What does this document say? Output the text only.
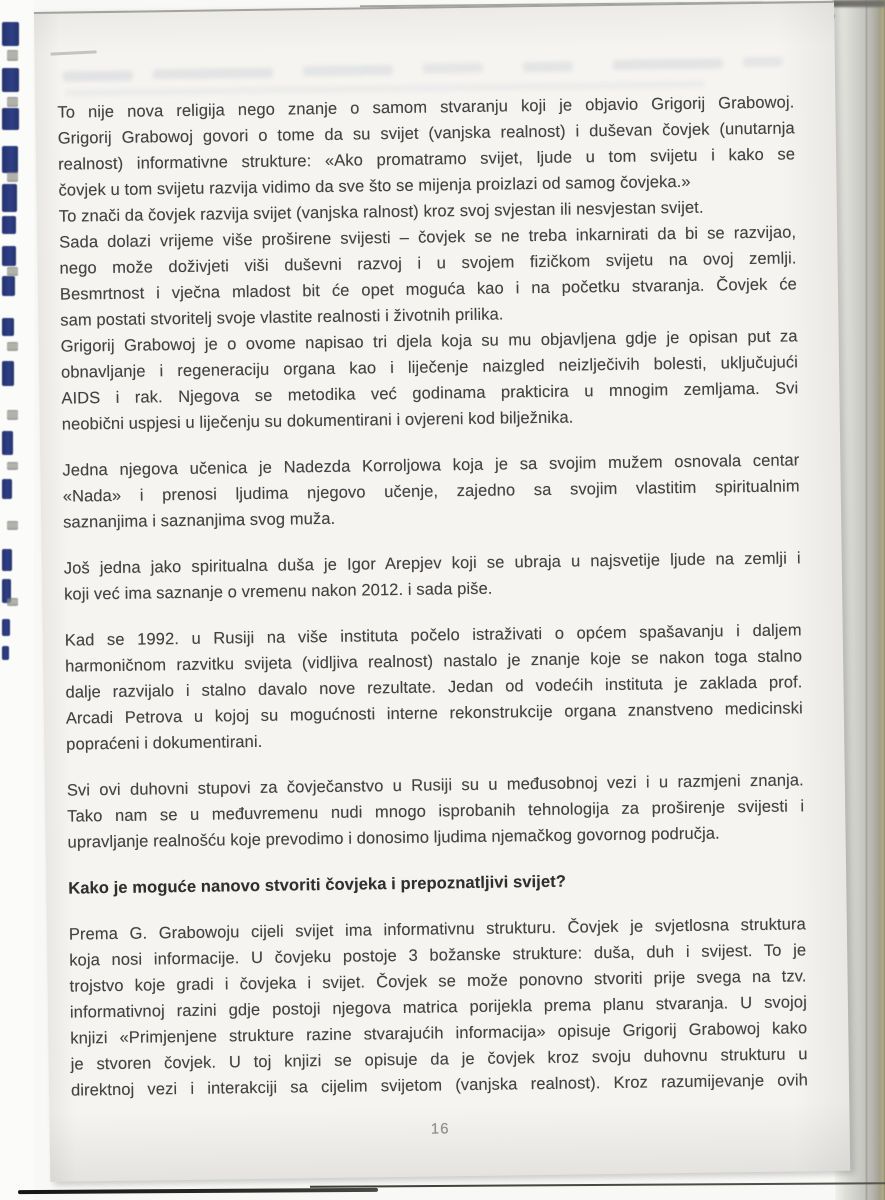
To nije nova religija nego znanje o samom stvaranju koji je objavio Grigorij Grabowoj.
Grigorij Grabowoj govori o tome da su svijet (vanjska realnost) i duševan čovjek (unutarnja
realnost) informativne strukture: «Ako promatramo svijet, ljude u tom svijetu i kako se
čovjek u tom svijetu razvija vidimo da sve što se mijenja proizlazi od samog čovjeka.»
To znači da čovjek razvija svijet (vanjska ralnost) kroz svoj svjestan ili nesvjestan svijet.
Sada dolazi vrijeme više proširene svijesti – čovjek se ne treba inkarnirati da bi se razvijao,
nego može doživjeti viši duševni razvoj i u svojem fizičkom svijetu na ovoj zemlji.
Besmrtnost i vječna mladost bit će opet moguća kao i na početku stvaranja. Čovjek će
sam postati stvoritelj svoje vlastite realnosti i životnih prilika.
Grigorij Grabowoj je o ovome napisao tri djela koja su mu objavljena gdje je opisan put za
obnavljanje i regeneraciju organa kao i liječenje naizgled neizlječivih bolesti, uključujući
AIDS i rak. Njegova se metodika već godinama prakticira u mnogim zemljama. Svi
neobični uspjesi u liječenju su dokumentirani i ovjereni kod bilježnika.
Jedna njegova učenica je Nadezda Korroljowa koja je sa svojim mužem osnovala centar
«Nada» i prenosi ljudima njegovo učenje, zajedno sa svojim vlastitim spiritualnim
saznanjima i saznanjima svog muža.
Još jedna jako spiritualna duša je Igor Arepjev koji se ubraja u najsvetije ljude na zemlji i
koji već ima saznanje o vremenu nakon 2012. i sada piše.
Kad se 1992. u Rusiji na više instituta počelo istraživati o općem spašavanju i daljem
harmoničnom razvitku svijeta (vidljiva realnost) nastalo je znanje koje se nakon toga stalno
dalje razvijalo i stalno davalo nove rezultate. Jedan od vodećih instituta je zaklada prof.
Arcadi Petrova u kojoj su mogućnosti interne rekonstrukcije organa znanstveno medicinski
popraćeni i dokumentirani.
Svi ovi duhovni stupovi za čovječanstvo u Rusiji su u međusobnoj vezi i u razmjeni znanja.
Tako nam se u međuvremenu nudi mnogo isprobanih tehnologija za proširenje svijesti i
upravljanje realnošću koje prevodimo i donosimo ljudima njemačkog govornog područja.
Kako je moguće nanovo stvoriti čovjeka i prepoznatljivi svijet?
Prema G. Grabowoju cijeli svijet ima informativnu strukturu. Čovjek je svjetlosna struktura
koja nosi informacije. U čovjeku postoje 3 božanske strukture: duša, duh i svijest. To je
trojstvo koje gradi i čovjeka i svijet. Čovjek se može ponovno stvoriti prije svega na tzv.
informativnoj razini gdje postoji njegova matrica porijekla prema planu stvaranja. U svojoj
knjizi «Primjenjene strukture razine stvarajućih informacija» opisuje Grigorij Grabowoj kako
je stvoren čovjek. U toj knjizi se opisuje da je čovjek kroz svoju duhovnu strukturu u
direktnoj vezi i interakciji sa cijelim svijetom (vanjska realnost). Kroz razumijevanje ovih
16
